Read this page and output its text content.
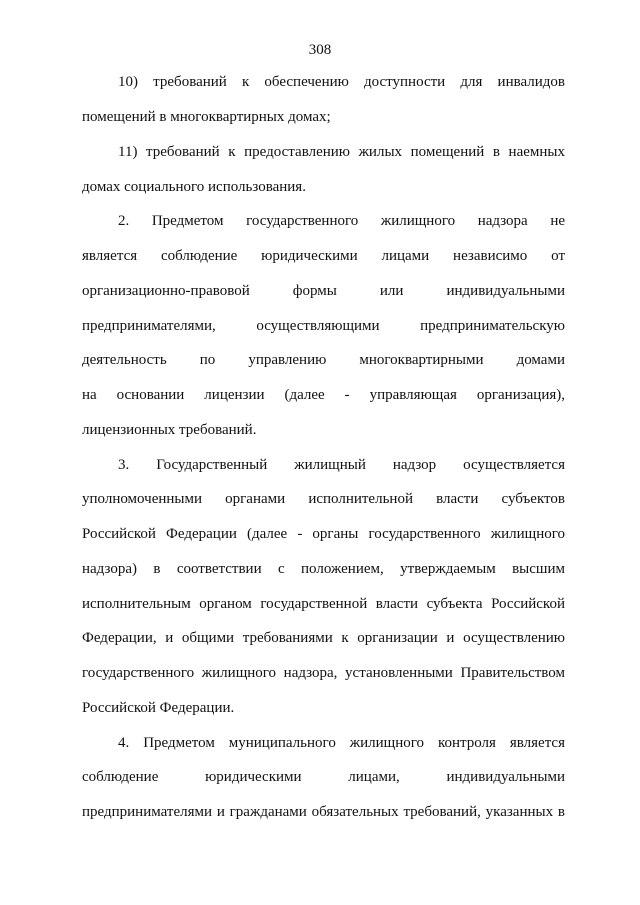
308
10) требований к обеспечению доступности для инвалидов
помещений в многоквартирных домах;
11) требований к предоставлению жилых помещений в наемных
домах социального использования.
2. Предметом государственного жилищного надзора не
является соблюдение юридическими лицами независимо от
организационно-правовой формы или индивидуальными
предпринимателями, осуществляющими предпринимательскую
деятельность по управлению многоквартирными домами
на основании лицензии (далее - управляющая организация),
лицензионных требований.
3. Государственный жилищный надзор осуществляется
уполномоченными органами исполнительной власти субъектов
Российской Федерации (далее - органы государственного жилищного
надзора) в соответствии с положением, утверждаемым высшим
исполнительным органом государственной власти субъекта Российской
Федерации, и общими требованиями к организации и осуществлению
государственного жилищного надзора, установленными Правительством
Российской Федерации.
4. Предметом муниципального жилищного контроля является
соблюдение юридическими лицами, индивидуальными
предпринимателями и гражданами обязательных требований, указанных в
